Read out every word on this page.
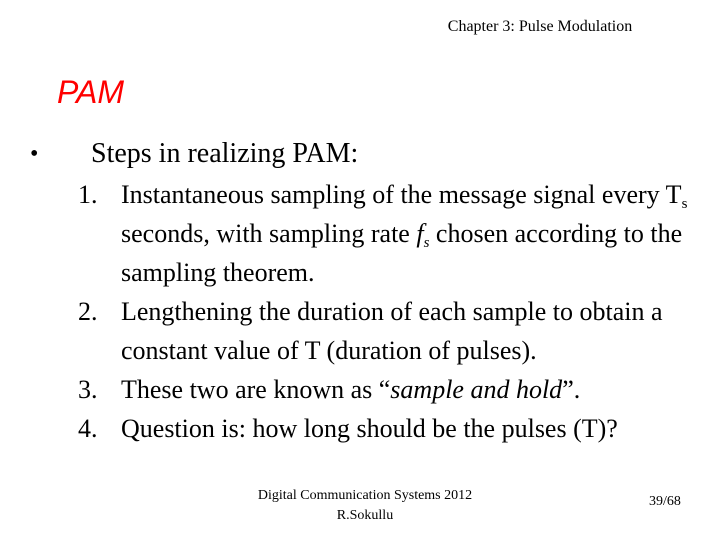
Chapter 3: Pulse Modulation
PAM
• Steps in realizing PAM:
1. Instantaneous sampling of the message signal every $T_s$ seconds, with sampling rate $f_s$ chosen according to the sampling theorem.
2. Lengthening the duration of each sample to obtain a constant value of T (duration of pulses).
3. These two are known as “sample and hold”.
4. Question is: how long should be the pulses (T)?
Digital Communication Systems 2012
R.Sokullu
39/68
